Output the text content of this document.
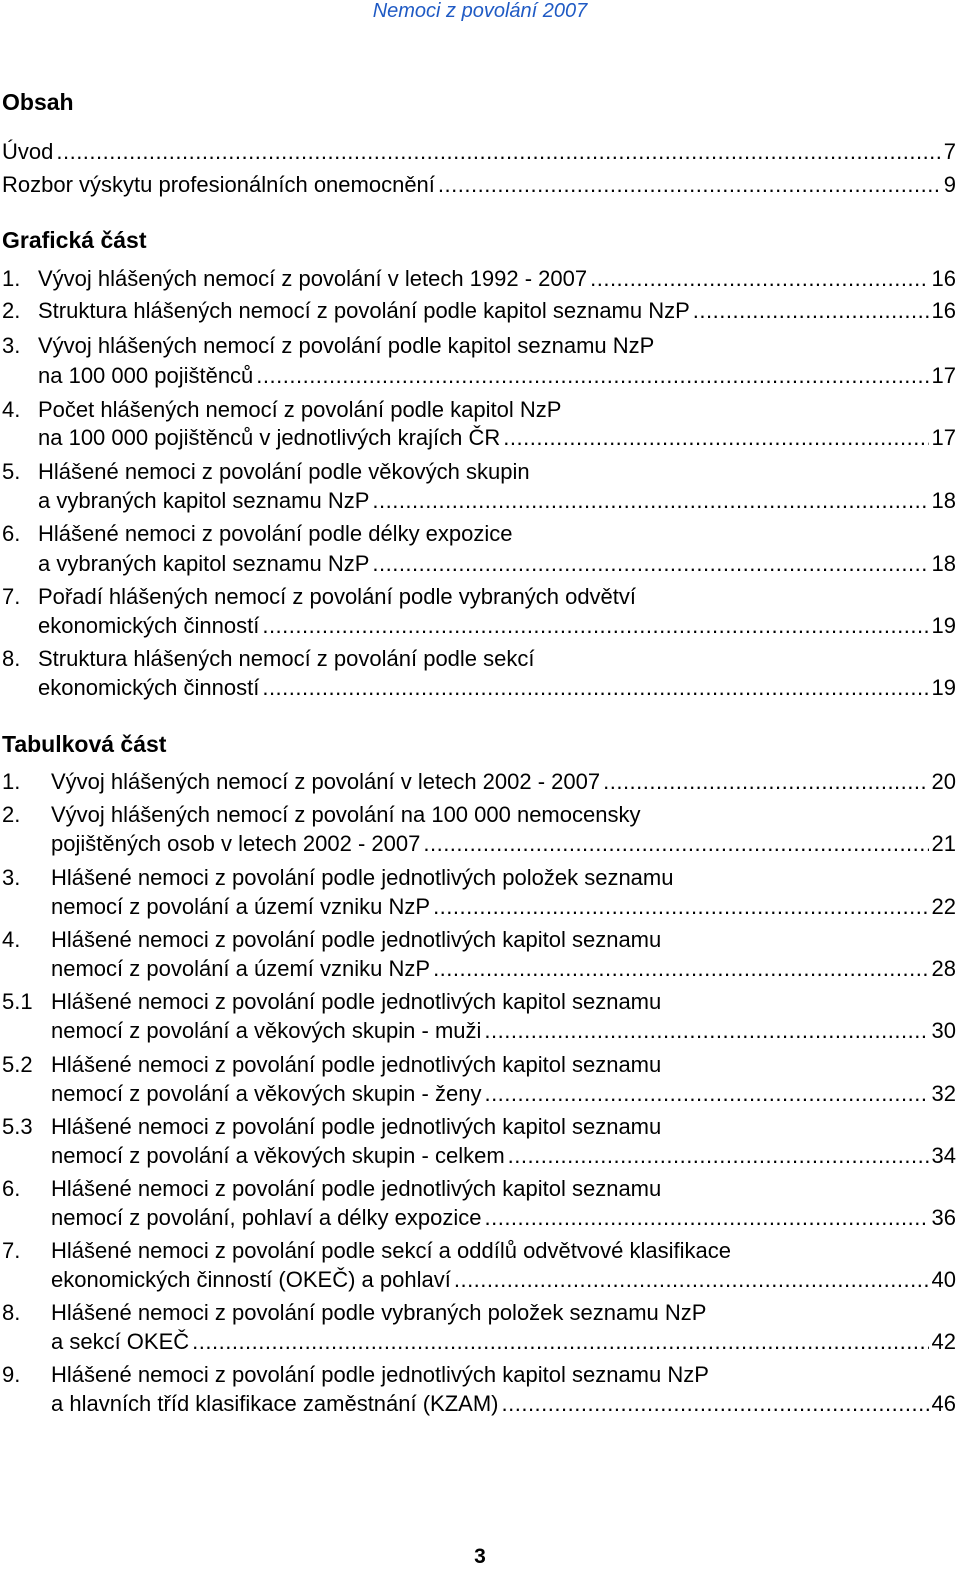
Nemoci z povolání 2007
Obsah
Úvod .....	7
Rozbor výskytu profesionálních onemocnění .....	9
Grafická část
1. Vývoj hlášených nemocí z povolání v letech 1992 - 2007 .....	16
2. Struktura hlášených nemocí z povolání podle kapitol seznamu NzP .....	16
3. Vývoj hlášených nemocí z povolání podle kapitol seznamu NzP
na 100 000 pojištěnců .....	17
4. Počet hlášených nemocí z povolání podle kapitol NzP
na 100 000 pojištěnců v jednotlivých krajích ČR .....	17
5. Hlášené nemoci z povolání podle věkových skupin
a vybraných kapitol seznamu NzP .....	18
6. Hlášené nemoci z povolání podle délky expozice
a vybraných kapitol seznamu NzP .....	18
7. Pořadí hlášených nemocí z povolání podle vybraných odvětví
ekonomických činností .....	19
8. Struktura hlášených nemocí z povolání podle sekcí
ekonomických činností .....	19
Tabulková část
1.	Vývoj hlášených nemocí z povolání v letech 2002 - 2007 .....	20
2.	Vývoj hlášených nemocí z povolání na 100 000 nemocensky
pojištěných osob v letech 2002 - 2007 .....	21
3.	Hlášené nemoci z povolání podle jednotlivých položek seznamu
nemocí z povolání a území vzniku NzP .....	22
4.	Hlášené nemoci z povolání podle jednotlivých kapitol seznamu
nemocí z povolání a území vzniku NzP .....	28
5.1 Hlášené nemoci z povolání podle jednotlivých kapitol seznamu
nemocí z povolání a věkových skupin - muži .....	30
5.2 Hlášené nemoci z povolání podle jednotlivých kapitol seznamu
nemocí z povolání a věkových skupin - ženy .....	32
5.3 Hlášené nemoci z povolání podle jednotlivých kapitol seznamu
nemocí z povolání a věkových skupin - celkem .....	34
6.	Hlášené nemoci z povolání podle jednotlivých kapitol seznamu
nemocí z povolání, pohlaví a délky expozice .....	36
7.	Hlášené nemoci z povolání podle sekcí a oddílů odvětvové klasifikace
ekonomických činností (OKEČ) a pohlaví .....	40
8.	Hlášené nemoci z povolání podle vybraných položek seznamu NzP
a sekcí OKEČ .....	42
9.	Hlášené nemoci z povolání podle jednotlivých kapitol seznamu NzP
a hlavních tříd klasifikace zaměstnání (KZAM) .....	46
3
